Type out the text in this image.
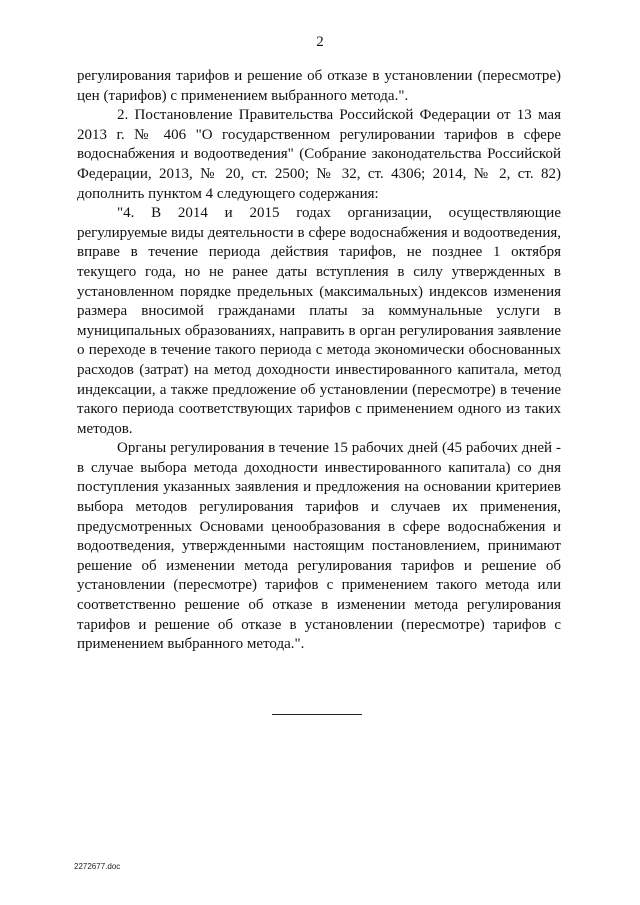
2

регулирования тарифов и решение об отказе в установлении (пересмотре) цен (тарифов) с применением выбранного метода.".

2. Постановление Правительства Российской Федерации от 13 мая 2013 г. № 406 "О государственном регулировании тарифов в сфере водоснабжения и водоотведения" (Собрание законодательства Российской Федерации, 2013, № 20, ст. 2500; № 32, ст. 4306; 2014, № 2, ст. 82) дополнить пунктом 4 следующего содержания:

"4. В 2014 и 2015 годах организации, осуществляющие регулируемые виды деятельности в сфере водоснабжения и водоотведения, вправе в течение периода действия тарифов, не позднее 1 октября текущего года, но не ранее даты вступления в силу утвержденных в установленном порядке предельных (максимальных) индексов изменения размера вносимой гражданами платы за коммунальные услуги в муниципальных образованиях, направить в орган регулирования заявление о переходе в течение такого периода с метода экономически обоснованных расходов (затрат) на метод доходности инвестированного капитала, метод индексации, а также предложение об установлении (пересмотре) в течение такого периода соответствующих тарифов с применением одного из таких методов.

Органы регулирования в течение 15 рабочих дней (45 рабочих дней - в случае выбора метода доходности инвестированного капитала) со дня поступления указанных заявления и предложения на основании критериев выбора методов регулирования тарифов и случаев их применения, предусмотренных Основами ценообразования в сфере водоснабжения и водоотведения, утвержденными настоящим постановлением, принимают решение об изменении метода регулирования тарифов и решение об установлении (пересмотре) тарифов с применением такого метода или соответственно решение об отказе в изменении метода регулирования тарифов и решение об отказе в установлении (пересмотре) тарифов с применением выбранного метода.".

2272677.doc
